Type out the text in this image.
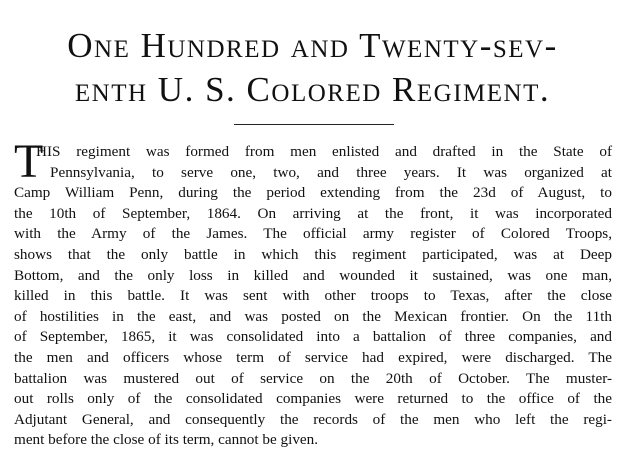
One Hundred and Twenty-sev-
enth U. S. Colored Regiment.
T
HIS regiment was formed from men enlisted and drafted in the State of
Pennsylvania, to serve one, two, and three years. It was organized at
Camp William Penn, during the period extending from the 23d of August, to
the 10th of September, 1864. On arriving at the front, it was incorporated
with the Army of the James. The official army register of Colored Troops,
shows that the only battle in which this regiment participated, was at Deep
Bottom, and the only loss in killed and wounded it sustained, was one man,
killed in this battle. It was sent with other troops to Texas, after the close
of hostilities in the east, and was posted on the Mexican frontier. On the 11th
of September, 1865, it was consolidated into a battalion of three companies, and
the men and officers whose term of service had expired, were discharged. The
battalion was mustered out of service on the 20th of October. The muster-
out rolls only of the consolidated companies were returned to the office of the
Adjutant General, and consequently the records of the men who left the regi-
ment before the close of its term, cannot be given.
